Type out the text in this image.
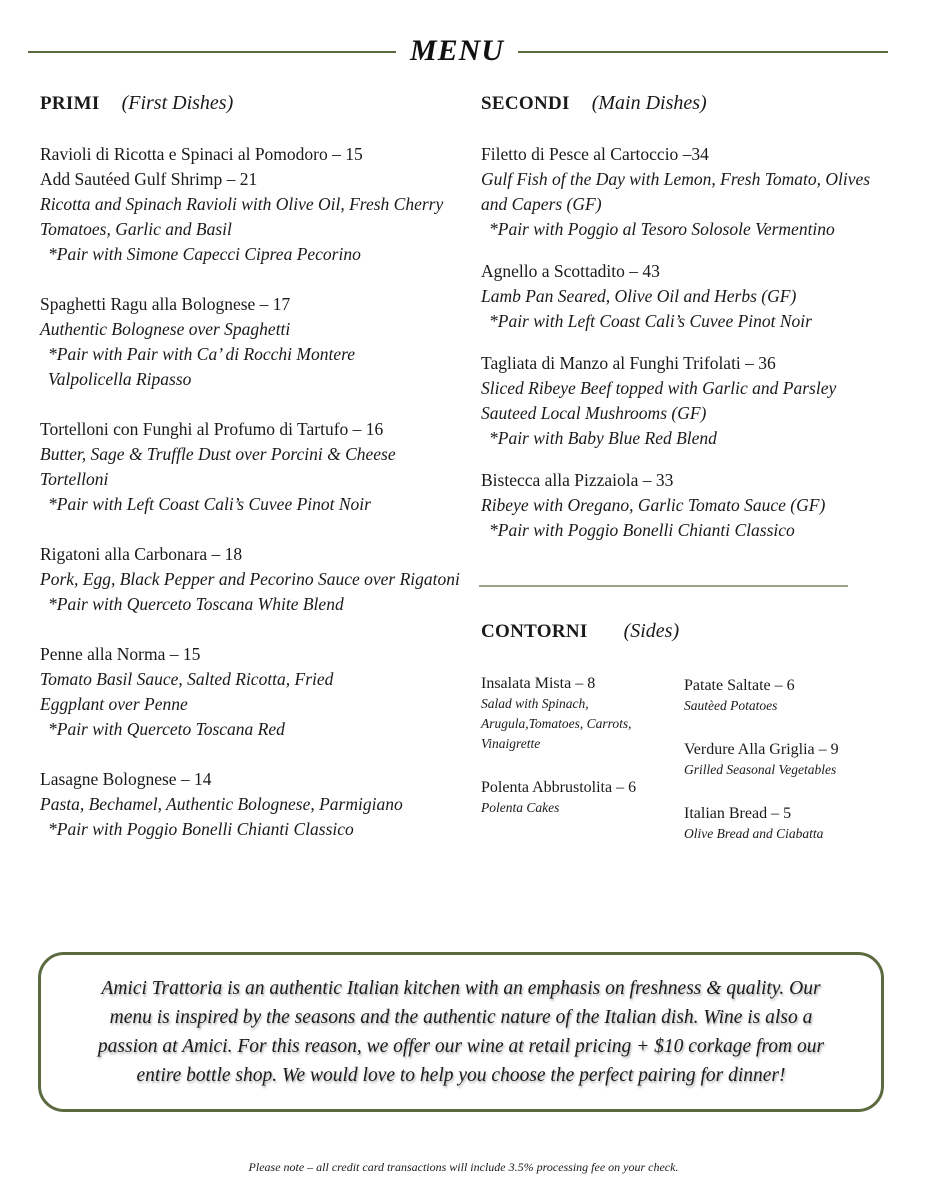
MENU
PRIMI (First Dishes)
Ravioli di Ricotta e Spinaci al Pomodoro – 15
Add Sautéed Gulf Shrimp – 21
Ricotta and Spinach Ravioli with Olive Oil, Fresh Cherry Tomatoes, Garlic and Basil
*Pair with Simone Capecci Ciprea Pecorino
Spaghetti Ragu alla Bolognese – 17
Authentic Bolognese over Spaghetti
*Pair with Pair with Ca’ di Rocchi Montere Valpolicella Ripasso
Tortelloni con Funghi al Profumo di Tartufo – 16
Butter, Sage & Truffle Dust over Porcini & Cheese Tortelloni
*Pair with Left Coast Cali’s Cuvee Pinot Noir
Rigatoni alla Carbonara – 18
Pork, Egg, Black Pepper and Pecorino Sauce over Rigatoni
*Pair with Querceto Toscana White Blend
Penne alla Norma – 15
Tomato Basil Sauce, Salted Ricotta, Fried Eggplant over Penne
*Pair with Querceto Toscana Red
Lasagne Bolognese – 14
Pasta, Bechamel, Authentic Bolognese, Parmigiano
*Pair with Poggio Bonelli Chianti Classico
SECONDI (Main Dishes)
Filetto di Pesce al Cartoccio –34
Gulf Fish of the Day with Lemon, Fresh Tomato, Olives and Capers (GF)
*Pair with Poggio al Tesoro Solosole Vermentino
Agnello a Scottadito – 43
Lamb Pan Seared, Olive Oil and Herbs (GF)
*Pair with Left Coast Cali’s Cuvee Pinot Noir
Tagliata di Manzo al Funghi Trifolati – 36
Sliced Ribeye Beef topped with Garlic and Parsley Sauteed Local Mushrooms (GF)
*Pair with Baby Blue Red Blend
Bistecca alla Pizzaiola – 33
Ribeye with Oregano, Garlic Tomato Sauce (GF)
*Pair with Poggio Bonelli Chianti Classico
CONTORNI (Sides)
Insalata Mista – 8
Salad with Spinach, Arugula,Tomatoes, Carrots, Vinaigrette
Polenta Abbrustolita – 6
Polenta Cakes
Patate Saltate – 6
Sautèed Potatoes
Verdure Alla Griglia – 9
Grilled Seasonal Vegetables
Italian Bread – 5
Olive Bread and Ciabatta

Amici Trattoria is an authentic Italian kitchen with an emphasis on freshness & quality. Our
menu is inspired by the seasons and the authentic nature of the Italian dish. Wine is also a
passion at Amici. For this reason, we offer our wine at retail pricing + $10 corkage from our
entire bottle shop. We would love to help you choose the perfect pairing for dinner!

Please note – all credit card transactions will include 3.5% processing fee on your check.
